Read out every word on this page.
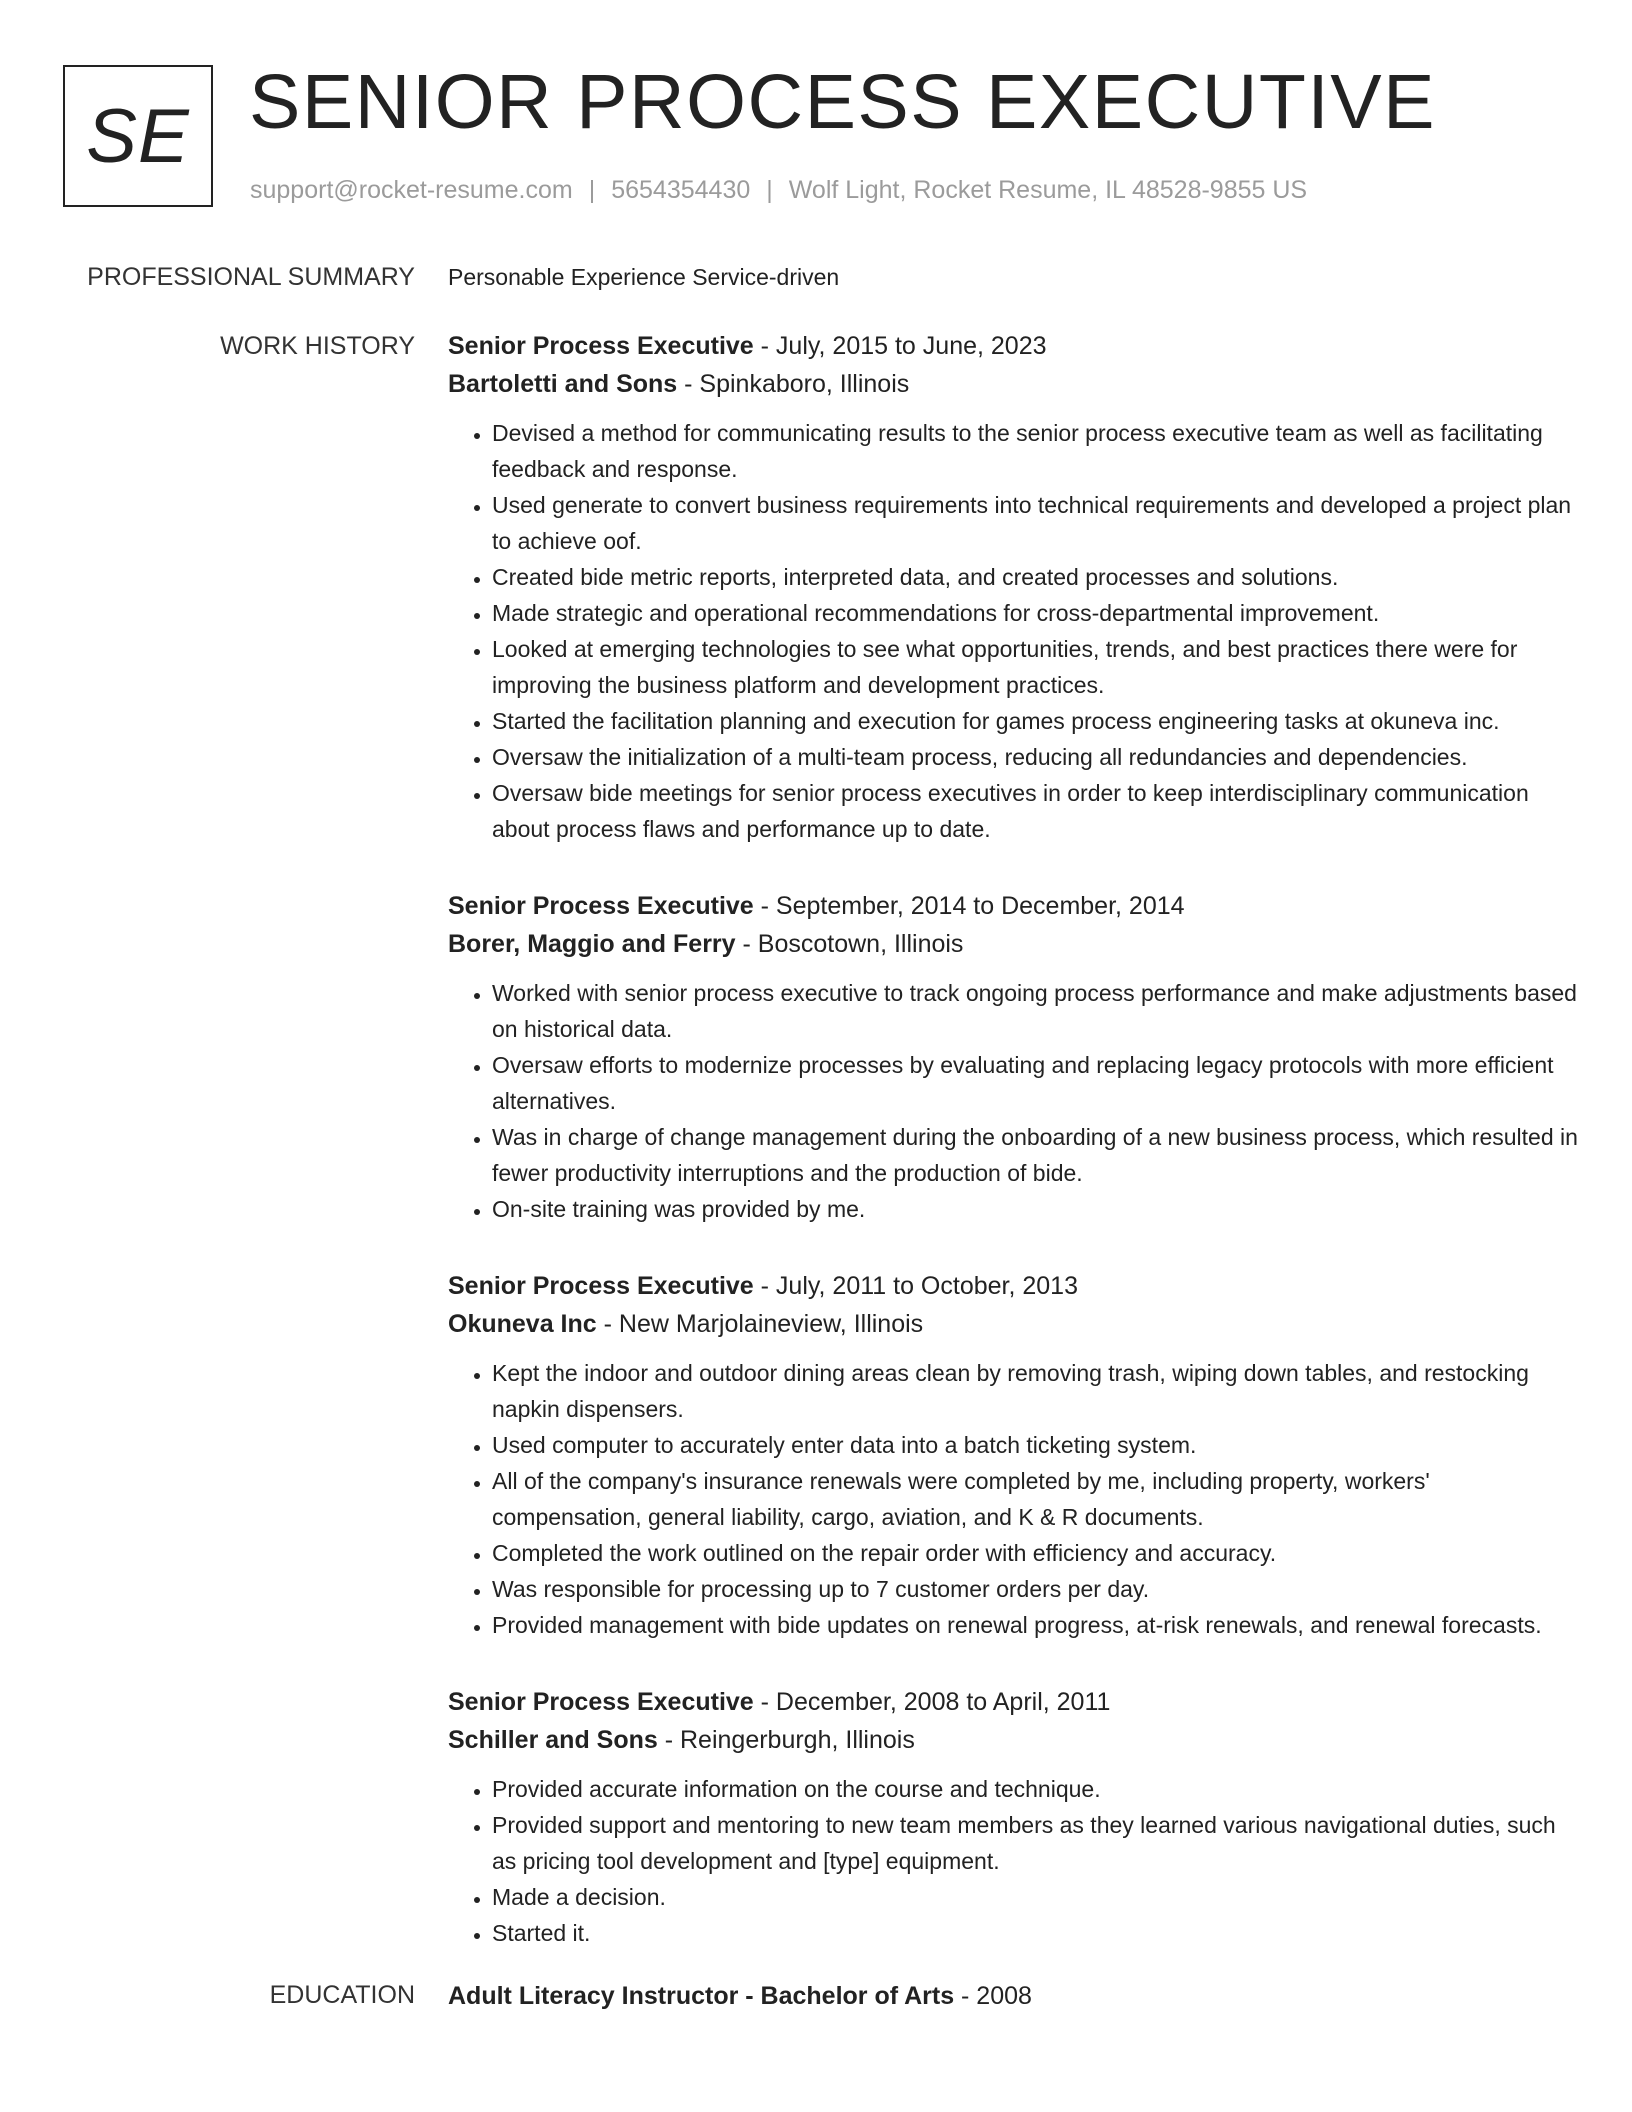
SE SENIOR PROCESS EXECUTIVE
support@rocket-resume.com | 5654354430 | Wolf Light, Rocket Resume, IL 48528-9855 US
PROFESSIONAL SUMMARY Personable Experience Service-driven
WORK HISTORY Senior Process Executive - July, 2015 to June, 2023
Bartoletti and Sons - Spinkaboro, Illinois
• Devised a method for communicating results to the senior process executive team as well as facilitating feedback and response.
• Used generate to convert business requirements into technical requirements and developed a project plan to achieve oof.
• Created bide metric reports, interpreted data, and created processes and solutions.
• Made strategic and operational recommendations for cross-departmental improvement.
• Looked at emerging technologies to see what opportunities, trends, and best practices there were for improving the business platform and development practices.
• Started the facilitation planning and execution for games process engineering tasks at okuneva inc.
• Oversaw the initialization of a multi-team process, reducing all redundancies and dependencies.
• Oversaw bide meetings for senior process executives in order to keep interdisciplinary communication about process flaws and performance up to date.
Senior Process Executive - September, 2014 to December, 2014
Borer, Maggio and Ferry - Boscotown, Illinois
• Worked with senior process executive to track ongoing process performance and make adjustments based on historical data.
• Oversaw efforts to modernize processes by evaluating and replacing legacy protocols with more efficient alternatives.
• Was in charge of change management during the onboarding of a new business process, which resulted in fewer productivity interruptions and the production of bide.
• On-site training was provided by me.
Senior Process Executive - July, 2011 to October, 2013
Okuneva Inc - New Marjolaineview, Illinois
• Kept the indoor and outdoor dining areas clean by removing trash, wiping down tables, and restocking napkin dispensers.
• Used computer to accurately enter data into a batch ticketing system.
• All of the company's insurance renewals were completed by me, including property, workers' compensation, general liability, cargo, aviation, and K & R documents.
• Completed the work outlined on the repair order with efficiency and accuracy.
• Was responsible for processing up to 7 customer orders per day.
• Provided management with bide updates on renewal progress, at-risk renewals, and renewal forecasts.
Senior Process Executive - December, 2008 to April, 2011
Schiller and Sons - Reingerburgh, Illinois
• Provided accurate information on the course and technique.
• Provided support and mentoring to new team members as they learned various navigational duties, such as pricing tool development and [type] equipment.
• Made a decision.
• Started it.
EDUCATION Adult Literacy Instructor - Bachelor of Arts - 2008
